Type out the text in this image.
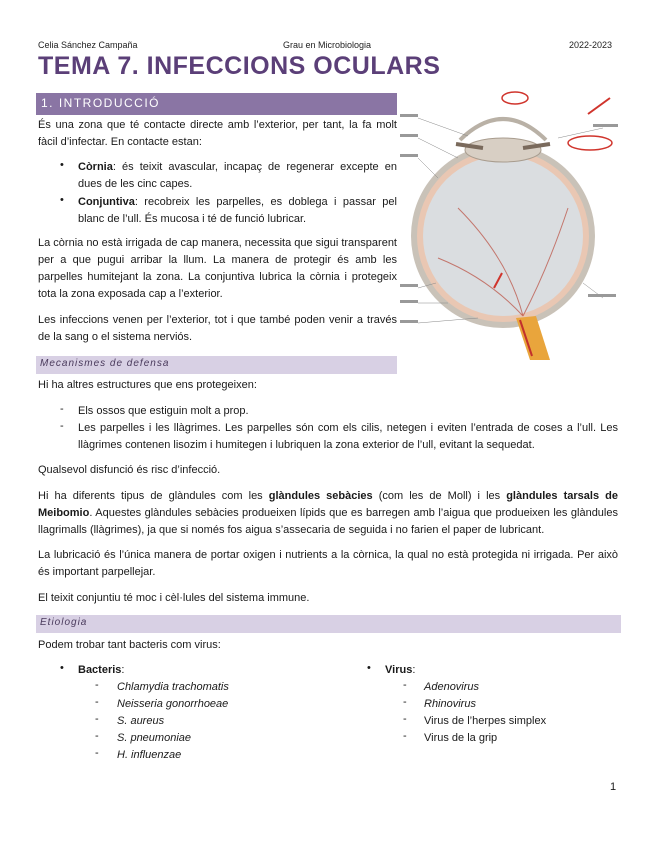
Celia Sánchez Campaña	Grau en Microbiologia	2022-2023
TEMA 7. INFECCIONS OCULARS
1. INTRODUCCIÓ
És una zona que té contacte directe amb l’exterior, per tant, la fa molt fàcil d’infectar. En contacte estan:
• Còrnia: és teixit avascular, incapaç de regenerar excepte en dues de les cinc capes.
• Conjuntiva: recobreix les parpelles, es doblega i passar pel blanc de l’ull. És mucosa i té de funció lubricar.
La còrnia no està irrigada de cap manera, necessita que sigui transparent per a que pugui arribar la llum. La manera de protegir és amb les parpelles humitejant la zona. La conjuntiva lubrica la còrnia i protegeix tota la zona exposada cap a l’exterior.
Les infeccions venen per l’exterior, tot i que també poden venir a través de la sang o el sistema nerviós.
Mecanismes de defensa
Hi ha altres estructures que ens protegeixen:
- Els ossos que estiguin molt a prop.
- Les parpelles i les llàgrimes. Les parpelles són com els cilis, netegen i eviten l’entrada de coses a l’ull. Les llàgrimes contenen lisozim i humitegen i lubriquen la zona exterior de l’ull, evitant la sequedat.
Qualsevol disfunció és risc d’infecció.
Hi ha diferents tipus de glàndules com les glàndules sebàcies (com les de Moll) i les glàndules tarsals de Meibomio. Aquestes glàndules sebàcies produeixen lípids que es barregen amb l’aigua que produeixen les glàndules llagrimalls (llàgrimes), ja que si només fos aigua s’assecaria de seguida i no farien el paper de lubricant.
La lubricació és l’única manera de portar oxigen i nutrients a la còrnica, la qual no està protegida ni irrigada. Per això és important parpellejar.
El teixit conjuntiu té moc i cèl·lules del sistema immune.
Etiologia
Podem trobar tant bacteris com virus:
• Bacteris:
- Chlamydia trachomatis
- Neisseria gonorrhoeae
- S. aureus
- S. pneumoniae
- H. influenzae
• Virus:
- Adenovirus
- Rhinovirus
- Virus de l’herpes simplex
- Virus de la grip
1
